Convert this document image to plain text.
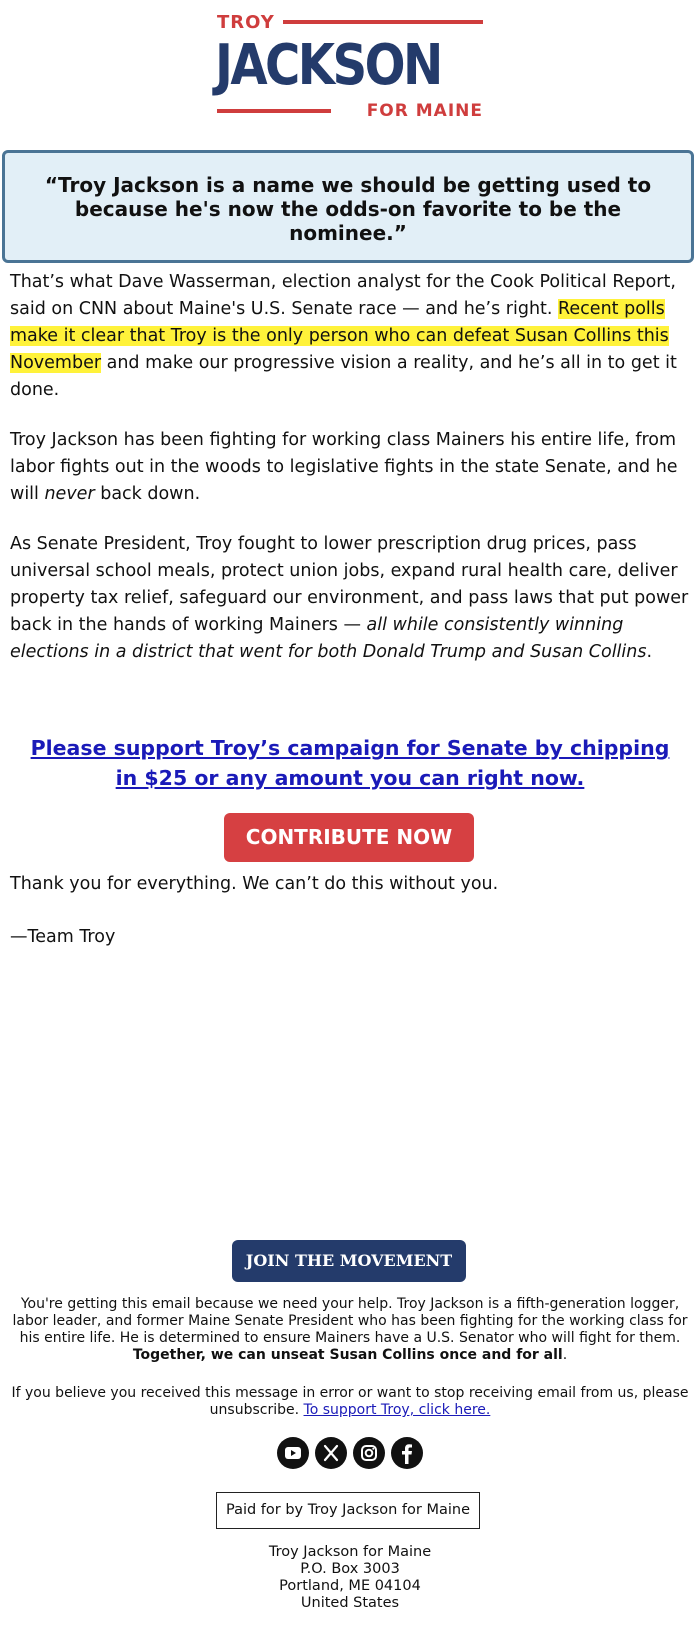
TROY
JACKSON
FOR MAINE

“Troy Jackson is a name we should be getting used to because he's now the odds-on favorite to be the nominee.”

That’s what Dave Wasserman, election analyst for the Cook Political Report, said on CNN about Maine's U.S. Senate race — and he’s right. Recent polls make it clear that Troy is the only person who can defeat Susan Collins this November and make our progressive vision a reality, and he’s all in to get it done.

Troy Jackson has been fighting for working class Mainers his entire life, from labor fights out in the woods to legislative fights in the state Senate, and he will never back down.

As Senate President, Troy fought to lower prescription drug prices, pass universal school meals, protect union jobs, expand rural health care, deliver property tax relief, safeguard our environment, and pass laws that put power back in the hands of working Mainers — all while consistently winning elections in a district that went for both Donald Trump and Susan Collins.

Please support Troy’s campaign for Senate by chipping in $25 or any amount you can right now.

CONTRIBUTE NOW

Thank you for everything. We can’t do this without you.

—Team Troy

JOIN THE MOVEMENT

You're getting this email because we need your help. Troy Jackson is a fifth-generation logger, labor leader, and former Maine Senate President who has been fighting for the working class for his entire life. He is determined to ensure Mainers have a U.S. Senator who will fight for them. Together, we can unseat Susan Collins once and for all.

If you believe you received this message in error or want to stop receiving email from us, please unsubscribe. To support Troy, click here.

Paid for by Troy Jackson for Maine
Troy Jackson for Maine
P.O. Box 3003
Portland, ME 04104
United States
